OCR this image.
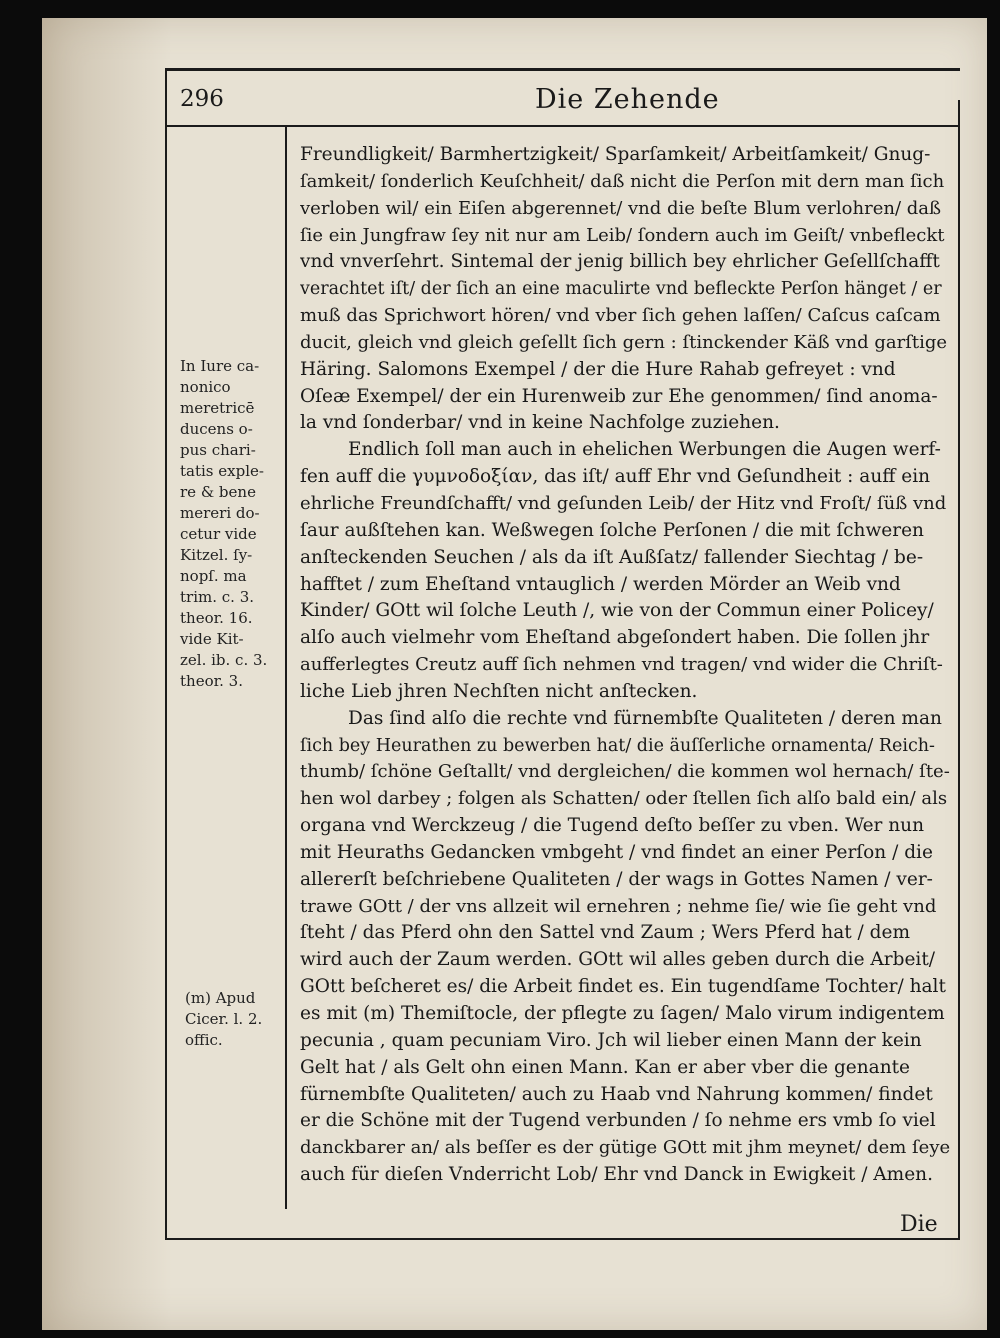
296	Die Zehende
In Iure ca-
nonico
meretricē
ducens o-
pus chari-
tatis exple-
re & bene
mereri do-
cetur vide
Kitzel. ſy-
nopſ. ma
trim. c. 3.
theor. 16.
vide Kit-
zel. ib. c. 3.
theor. 3.
(m) Apud
Cicer. l. 2.
offic.
Freundligkeit/ Barmhertzigkeit/ Sparſamkeit/ Arbeitſamkeit/ Gnug-
ſamkeit/ ſonderlich Keuſchheit/ daß nicht die Perſon mit dern man ſich
verloben wil/ ein Eiſen abgerennet/ vnd die beſte Blum verlohren/ daß
ſie ein Jungfraw ſey nit nur am Leib/ ſondern auch im Geiſt/ vnbefleckt
vnd vnverſehrt. Sintemal der jenig billich bey ehrlicher Geſellſchafft
verachtet iſt/ der ſich an eine maculirte vnd befleckte Perſon hänget / er
muß das Sprichwort hören/ vnd vber ſich gehen laſſen/ Caſcus caſcam
ducit, gleich vnd gleich geſellt ſich gern : ſtinckender Käß vnd garſtige
Häring. Salomons Exempel / der die Hure Rahab gefreyet : vnd
Oſeæ Exempel/ der ein Hurenweib zur Ehe genommen/ ſind anoma-
la vnd ſonderbar/ vnd in keine Nachfolge zuziehen.
Endlich ſoll man auch in ehelichen Werbungen die Augen werf-
fen auff die γυμνοδοξίαν, das iſt/ auff Ehr vnd Geſundheit : auff ein
ehrliche Freundſchafft/ vnd geſunden Leib/ der Hitz vnd Froſt/ ſüß vnd
ſaur außſtehen kan. Weßwegen ſolche Perſonen / die mit ſchweren
anſteckenden Seuchen / als da iſt Außſatz/ fallender Siechtag / be-
hafftet / zum Eheſtand vntauglich / werden Mörder an Weib vnd
Kinder/ GOtt wil ſolche Leuth /, wie von der Commun einer Policey/
alſo auch vielmehr vom Eheſtand abgeſondert haben. Die ſollen jhr
aufferlegtes Creutz auff ſich nehmen vnd tragen/ vnd wider die Chriſt-
liche Lieb jhren Nechſten nicht anſtecken.
Das ſind alſo die rechte vnd fürnembſte Qualiteten / deren man
ſich bey Heurathen zu bewerben hat/ die äuſſerliche ornamenta/ Reich-
thumb/ ſchöne Geſtallt/ vnd dergleichen/ die kommen wol hernach/ ſte-
hen wol darbey ; folgen als Schatten/ oder ſtellen ſich alſo bald ein/ als
organa vnd Werckzeug / die Tugend deſto beſſer zu vben. Wer nun
mit Heuraths Gedancken vmbgeht / vnd findet an einer Perſon / die
allererſt beſchriebene Qualiteten / der wags in Gottes Namen / ver-
trawe GOtt / der vns allzeit wil ernehren ; nehme ſie/ wie ſie geht vnd
ſteht / das Pferd ohn den Sattel vnd Zaum ; Wers Pferd hat / dem
wird auch der Zaum werden. GOtt wil alles geben durch die Arbeit/
GOtt beſcheret es/ die Arbeit findet es. Ein tugendſame Tochter/ halt
es mit (m) Themiſtocle, der pflegte zu ſagen/ Malo virum indigentem
pecunia , quam pecuniam Viro. Jch wil lieber einen Mann der kein
Gelt hat / als Gelt ohn einen Mann. Kan er aber vber die genante
fürnembſte Qualiteten/ auch zu Haab vnd Nahrung kommen/ findet
er die Schöne mit der Tugend verbunden / ſo nehme ers vmb ſo viel
danckbarer an/ als beſſer es der gütige GOtt mit jhm meynet/ dem ſeye
auch für dieſen Vnderricht Lob/ Ehr vnd Danck in Ewigkeit / Amen.
Die
